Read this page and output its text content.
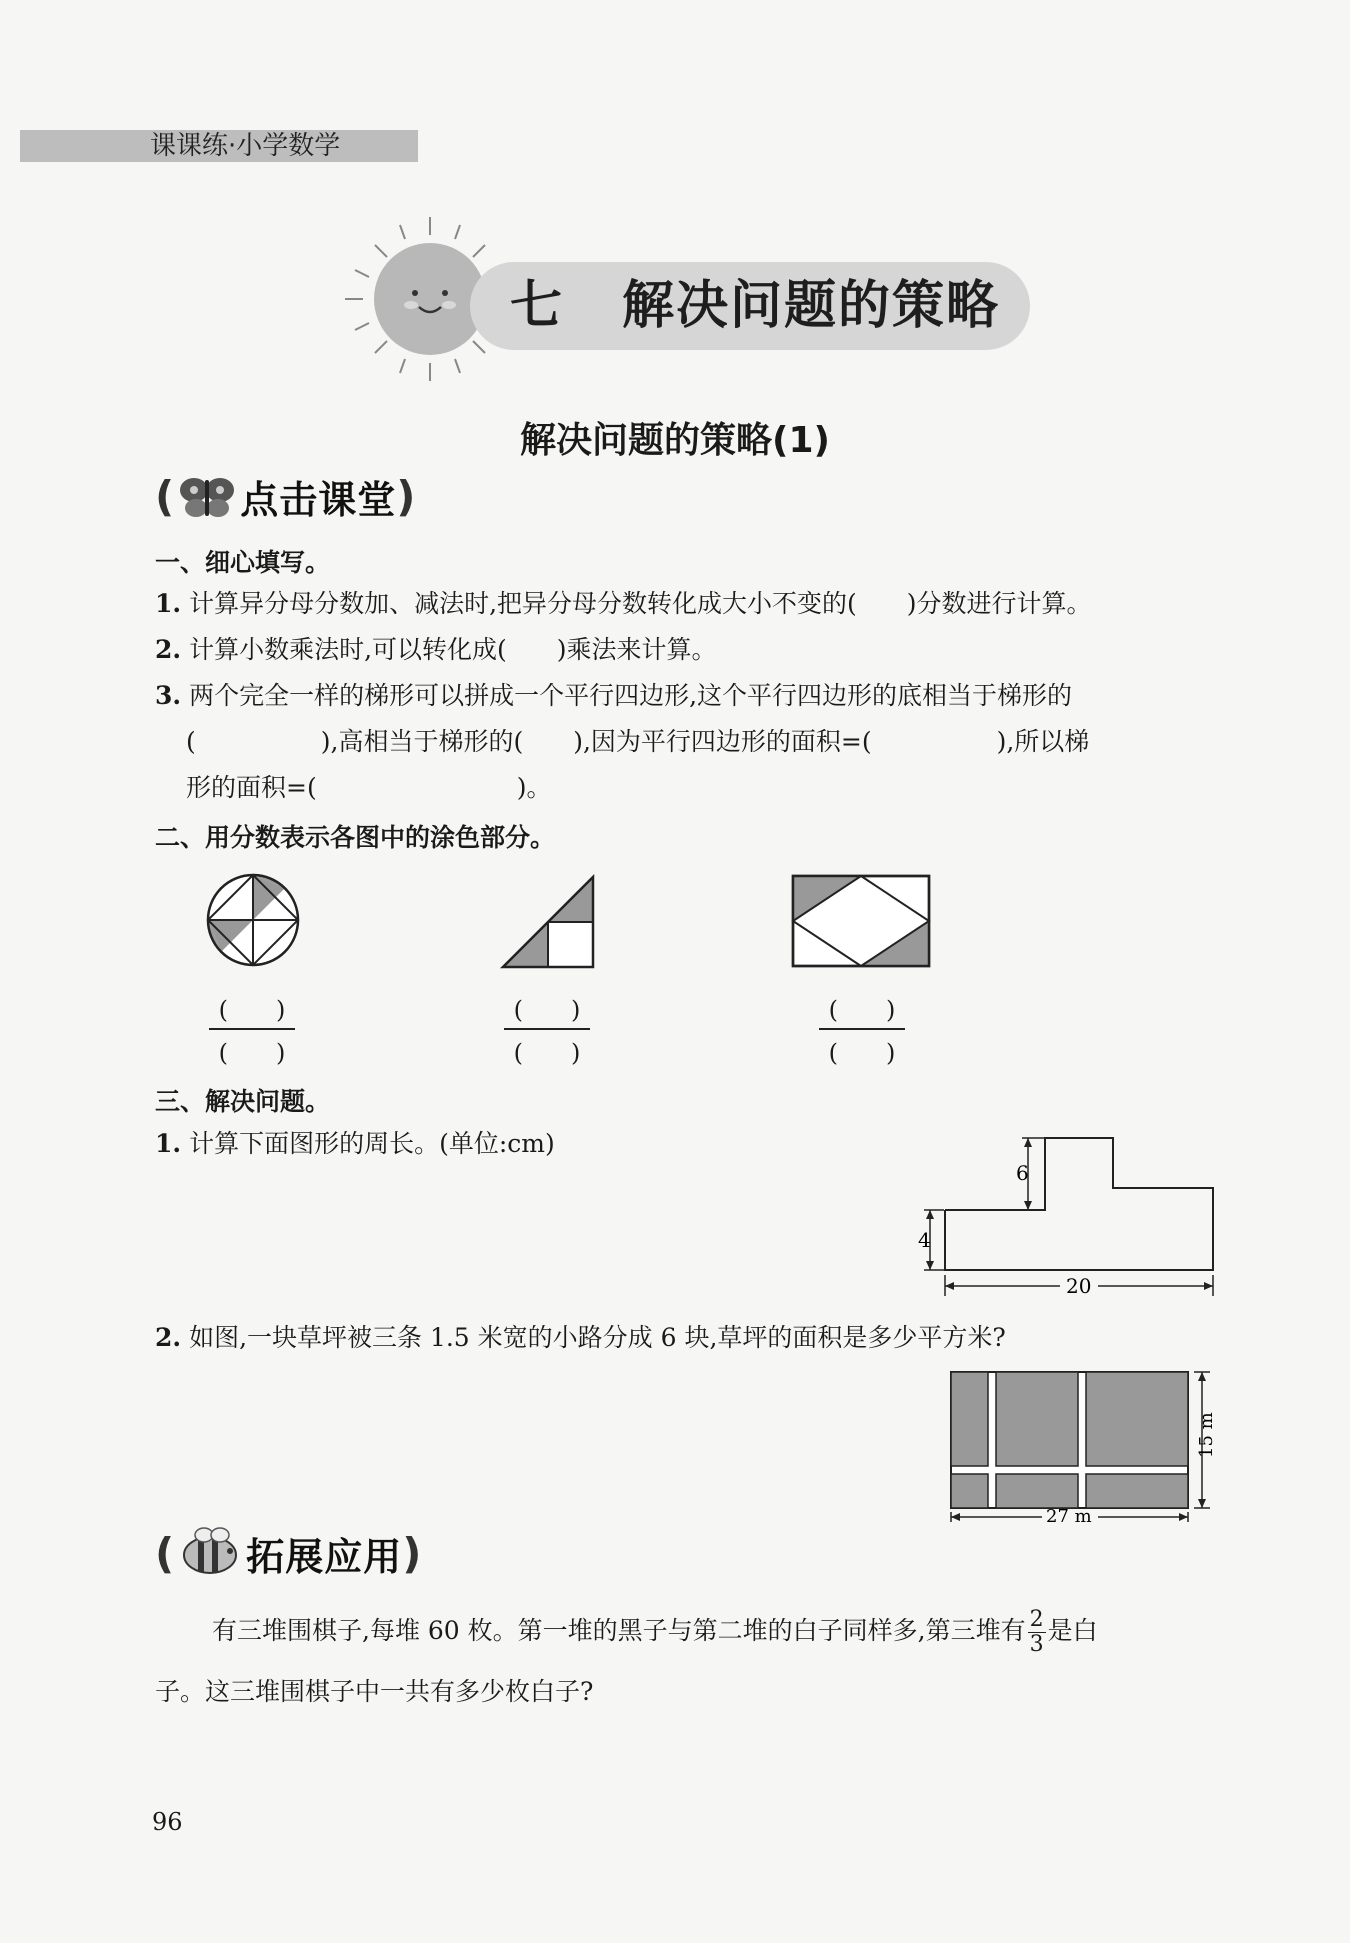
课课练·小学数学
七 解决问题的策略
解决问题的策略(1)
( 点击课堂 )
一、细心填写。
1. 计算异分母分数加、减法时,把异分母分数转化成大小不变的(　　)分数进行计算。
2. 计算小数乘法时,可以转化成(　　)乘法来计算。
3. 两个完全一样的梯形可以拼成一个平行四边形,这个平行四边形的底相当于梯形的
(　　　　　),高相当于梯形的(　　),因为平行四边形的面积=(　　　　　),所以梯
形的面积=(　　　　　　　　)。
二、用分数表示各图中的涂色部分。
(　　)
(　　)
(　　)
(　　)
(　　)
(　　)
三、解决问题。
1. 计算下面图形的周长。(单位:cm)
6
4
20
2. 如图,一块草坪被三条 1.5 米宽的小路分成 6 块,草坪的面积是多少平方米?
15 m
27 m
( 拓展应用 )
有三堆围棋子,每堆 60 枚。第一堆的黑子与第二堆的白子同样多,第三堆有 $\frac{2}{3}$ 是白
子。这三堆围棋子中一共有多少枚白子?
96
